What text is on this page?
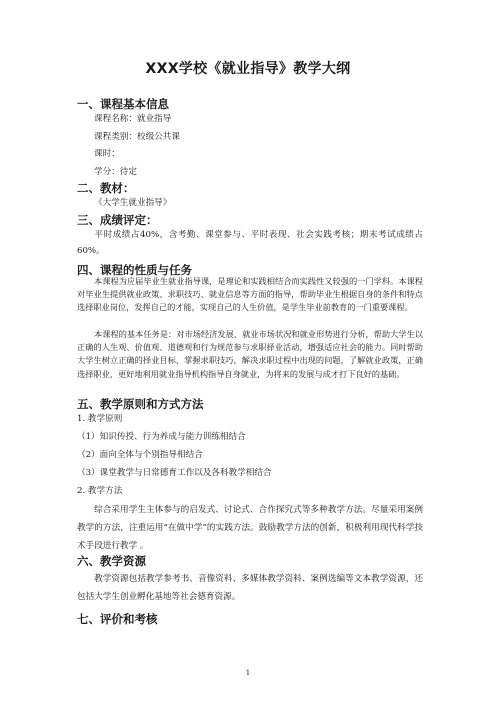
XXX学校《就业指导》教学大纲
一、课程基本信息
课程名称：就业指导
课程类别：校级公共课
课时：
学分：待定
二、教材：
《大学生就业指导》
三、成绩评定：
平时成绩占40%，含考勤、课堂参与、平时表现、社会实践考核；期末考试成绩占60%。
四、课程的性质与任务
本课程为应届毕业生就业指导课，是理论和实践相结合而实践性又较强的一门学科。本课程对毕业生提供就业政策、求职技巧、就业信息等方面的指导，帮助毕业生根据自身的条件和特点选择职业岗位，发挥自己的才能，实现自己的人生价值，是学生毕业前教育的一门重要课程。
本课程的基本任务是：对市场经济发展、就业市场状况和就业形势进行分析，帮助大学生以正确的人生观、价值观、道德观和行为规范参与求职择业活动，增强适应社会的能力。同时帮助大学生树立正确的择业目标，掌握求职技巧，解决求职过程中出现的问题，了解就业政策，正确选择职业，更好地利用就业指导机构指导自身就业，为将来的发展与成才打下良好的基础。
五、教学原则和方式方法
1. 教学原则
（1）知识传授、行为养成与能力训练相结合
（2）面向全体与个别指导相结合
（3）课堂教学与日常德育工作以及各科教学相结合
2. 教学方法
综合采用学生主体参与的启发式、讨论式、合作探究式等多种教学方法。尽量采用案例教学的方法，注重运用“在做中学”的实践方法。鼓励教学方法的创新，积极利用现代科学技术手段进行教学 。
六、教学资源
教学资源包括教学参考书、音像资料、多媒体教学资料、案例选编等文本教学资源，还包括大学生创业孵化基地等社会德育资源。
七、评价和考核
1
